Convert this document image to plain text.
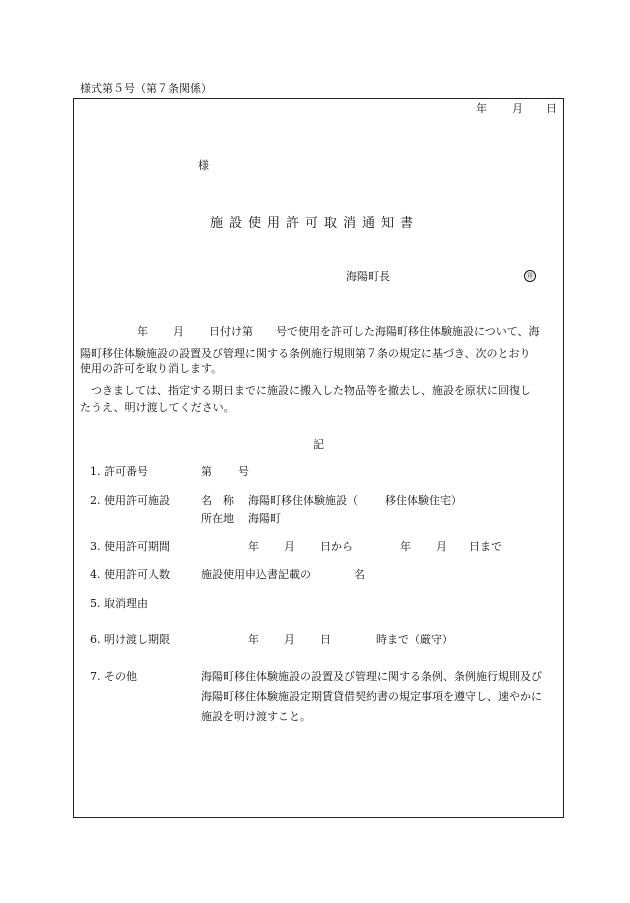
様式第５号（第７条関係）
年 月 日
様
施設使用許可取消通知書
海陽町長	㊞
年 月 日付け第 号で使用を許可した海陽町移住体験施設について、海
陽町移住体験施設の設置及び管理に関する条例施行規則第７条の規定に基づき、次のとおり
使用の許可を取り消します。
　つきましては、指定する期日までに施設に搬入した物品等を撤去し、施設を原状に回復し
たうえ、明け渡してください。
記
1. 許可番号	第 号
2. 使用許可施設	名　称 海陽町移住体験施設（ 移住体験住宅）
所在地 海陽町
3. 使用許可期間	年 月 日から	年 月 日まで
4. 使用許可人数	施設使用申込書記載の	名
5. 取消理由
6. 明け渡し期限	年 月 日	時まで（厳守）
7. その他	海陽町移住体験施設の設置及び管理に関する条例、条例施行規則及び
海陽町移住体験施設定期賃貸借契約書の規定事項を遵守し、速やかに
施設を明け渡すこと。
